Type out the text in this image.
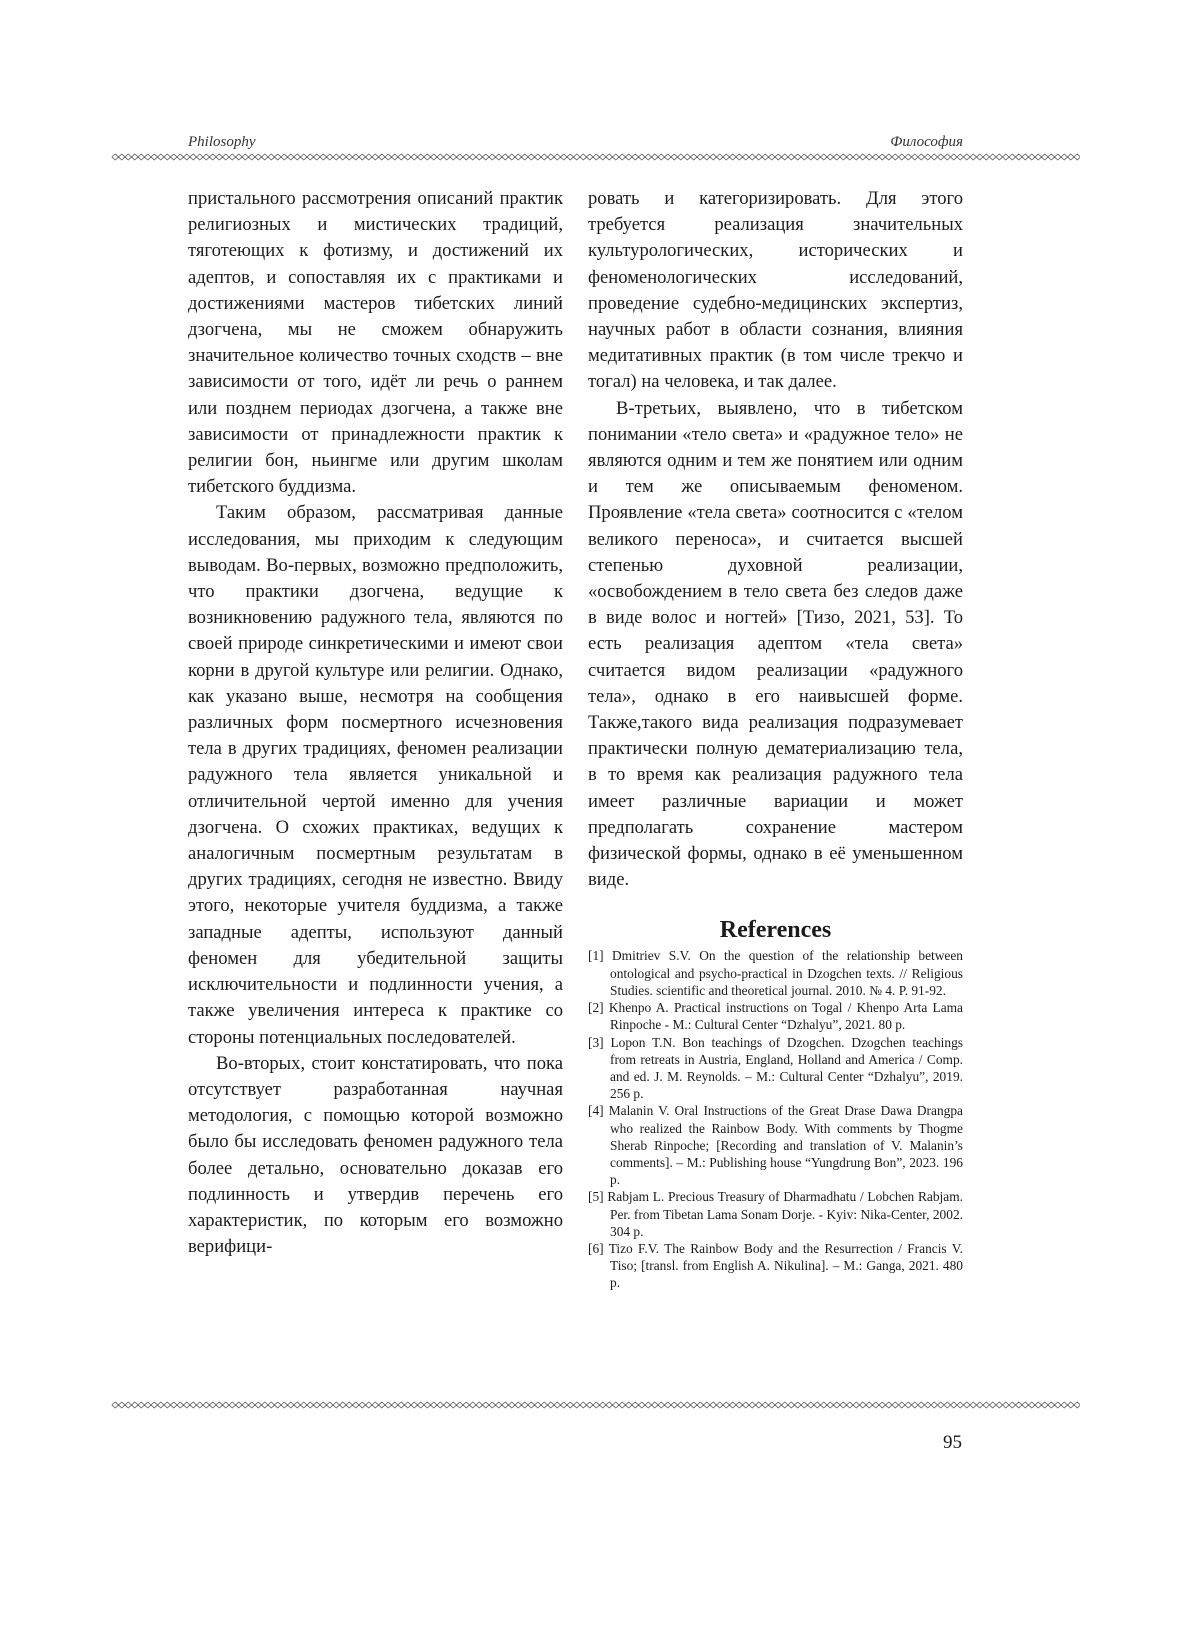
Philosophy	Философия

пристального рассмотрения описаний практик религиозных и мистических традиций, тяготеющих к фотизму, и достижений их адептов, и сопоставляя их с практиками и достижениями мастеров тибетских линий дзогчена, мы не сможем обнаружить значительное количество точных сходств – вне зависимости от того, идёт ли речь о раннем или позднем периодах дзогчена, а также вне зависимости от принадлежности практик к религии бон, ньингме или другим школам тибетского буддизма.

Таким образом, рассматривая данные исследования, мы приходим к следующим выводам. Во-первых, возможно предположить, что практики дзогчена, ведущие к возникновению радужного тела, являются по своей природе синкретическими и имеют свои корни в другой культуре или религии. Однако, как указано выше, несмотря на сообщения различных форм посмертного исчезновения тела в других традициях, феномен реализации радужного тела является уникальной и отличительной чертой именно для учения дзогчена. О схожих практиках, ведущих к аналогичным посмертным результатам в других традициях, сегодня не известно. Ввиду этого, некоторые учителя буддизма, а также западные адепты, используют данный феномен для убедительной защиты исключительности и подлинности учения, а также увеличения интереса к практике со стороны потенциальных последователей.

Во-вторых, стоит констатировать, что пока отсутствует разработанная научная методология, с помощью которой возможно было бы исследовать феномен радужного тела более детально, основательно доказав его подлинность и утвердив перечень его характеристик, по которым его возможно верифици-

ровать и категоризировать. Для этого требуется реализация значительных культурологических, исторических и феноменологических исследований, проведение судебно-медицинских экспертиз, научных работ в области сознания, влияния медитативных практик (в том числе трекчо и тогал) на человека, и так далее.

В-третьих, выявлено, что в тибетском понимании «тело света» и «радужное тело» не являются одним и тем же понятием или одним и тем же описываемым феноменом. Проявление «тела света» соотносится с «телом великого переноса», и считается высшей степенью духовной реализации, «освобождением в тело света без следов даже в виде волос и ногтей» [Тизо, 2021, 53]. То есть реализация адептом «тела света» считается видом реализации «радужного тела», однако в его наивысшей форме. Также,такого вида реализация подразумевает практически полную дематериализацию тела, в то время как реализация радужного тела имеет различные вариации и может предполагать сохранение мастером физической формы, однако в её уменьшенном виде.

References
[1] Dmitriev S.V. On the question of the relationship between ontological and psycho-practical in Dzogchen texts. // Religious Studies. scientific and theoretical journal. 2010. № 4. P. 91-92.
[2] Khenpo A. Practical instructions on Togal / Khenpo Arta Lama Rinpoche - M.: Cultural Center “Dzhalyu”, 2021. 80 p.
[3] Lopon T.N. Bon teachings of Dzogchen. Dzogchen teachings from retreats in Austria, England, Holland and America / Comp. and ed. J. M. Reynolds. – M.: Cultural Center “Dzhalyu”, 2019. 256 p.
[4] Malanin V. Oral Instructions of the Great Drase Dawa Drangpa who realized the Rainbow Body. With comments by Thogme Sherab Rinpoche; [Recording and translation of V. Malanin’s comments]. – M.: Publishing house “Yungdrung Bon”, 2023. 196 p.
[5] Rabjam L. Precious Treasury of Dharmadhatu / Lobchen Rabjam. Per. from Tibetan Lama Sonam Dorje. - Kyiv: Nika-Center, 2002. 304 p.
[6] Tizo F.V. The Rainbow Body and the Resurrection / Francis V. Tiso; [transl. from English A. Nikulina]. – M.: Ganga, 2021. 480 p.
95
